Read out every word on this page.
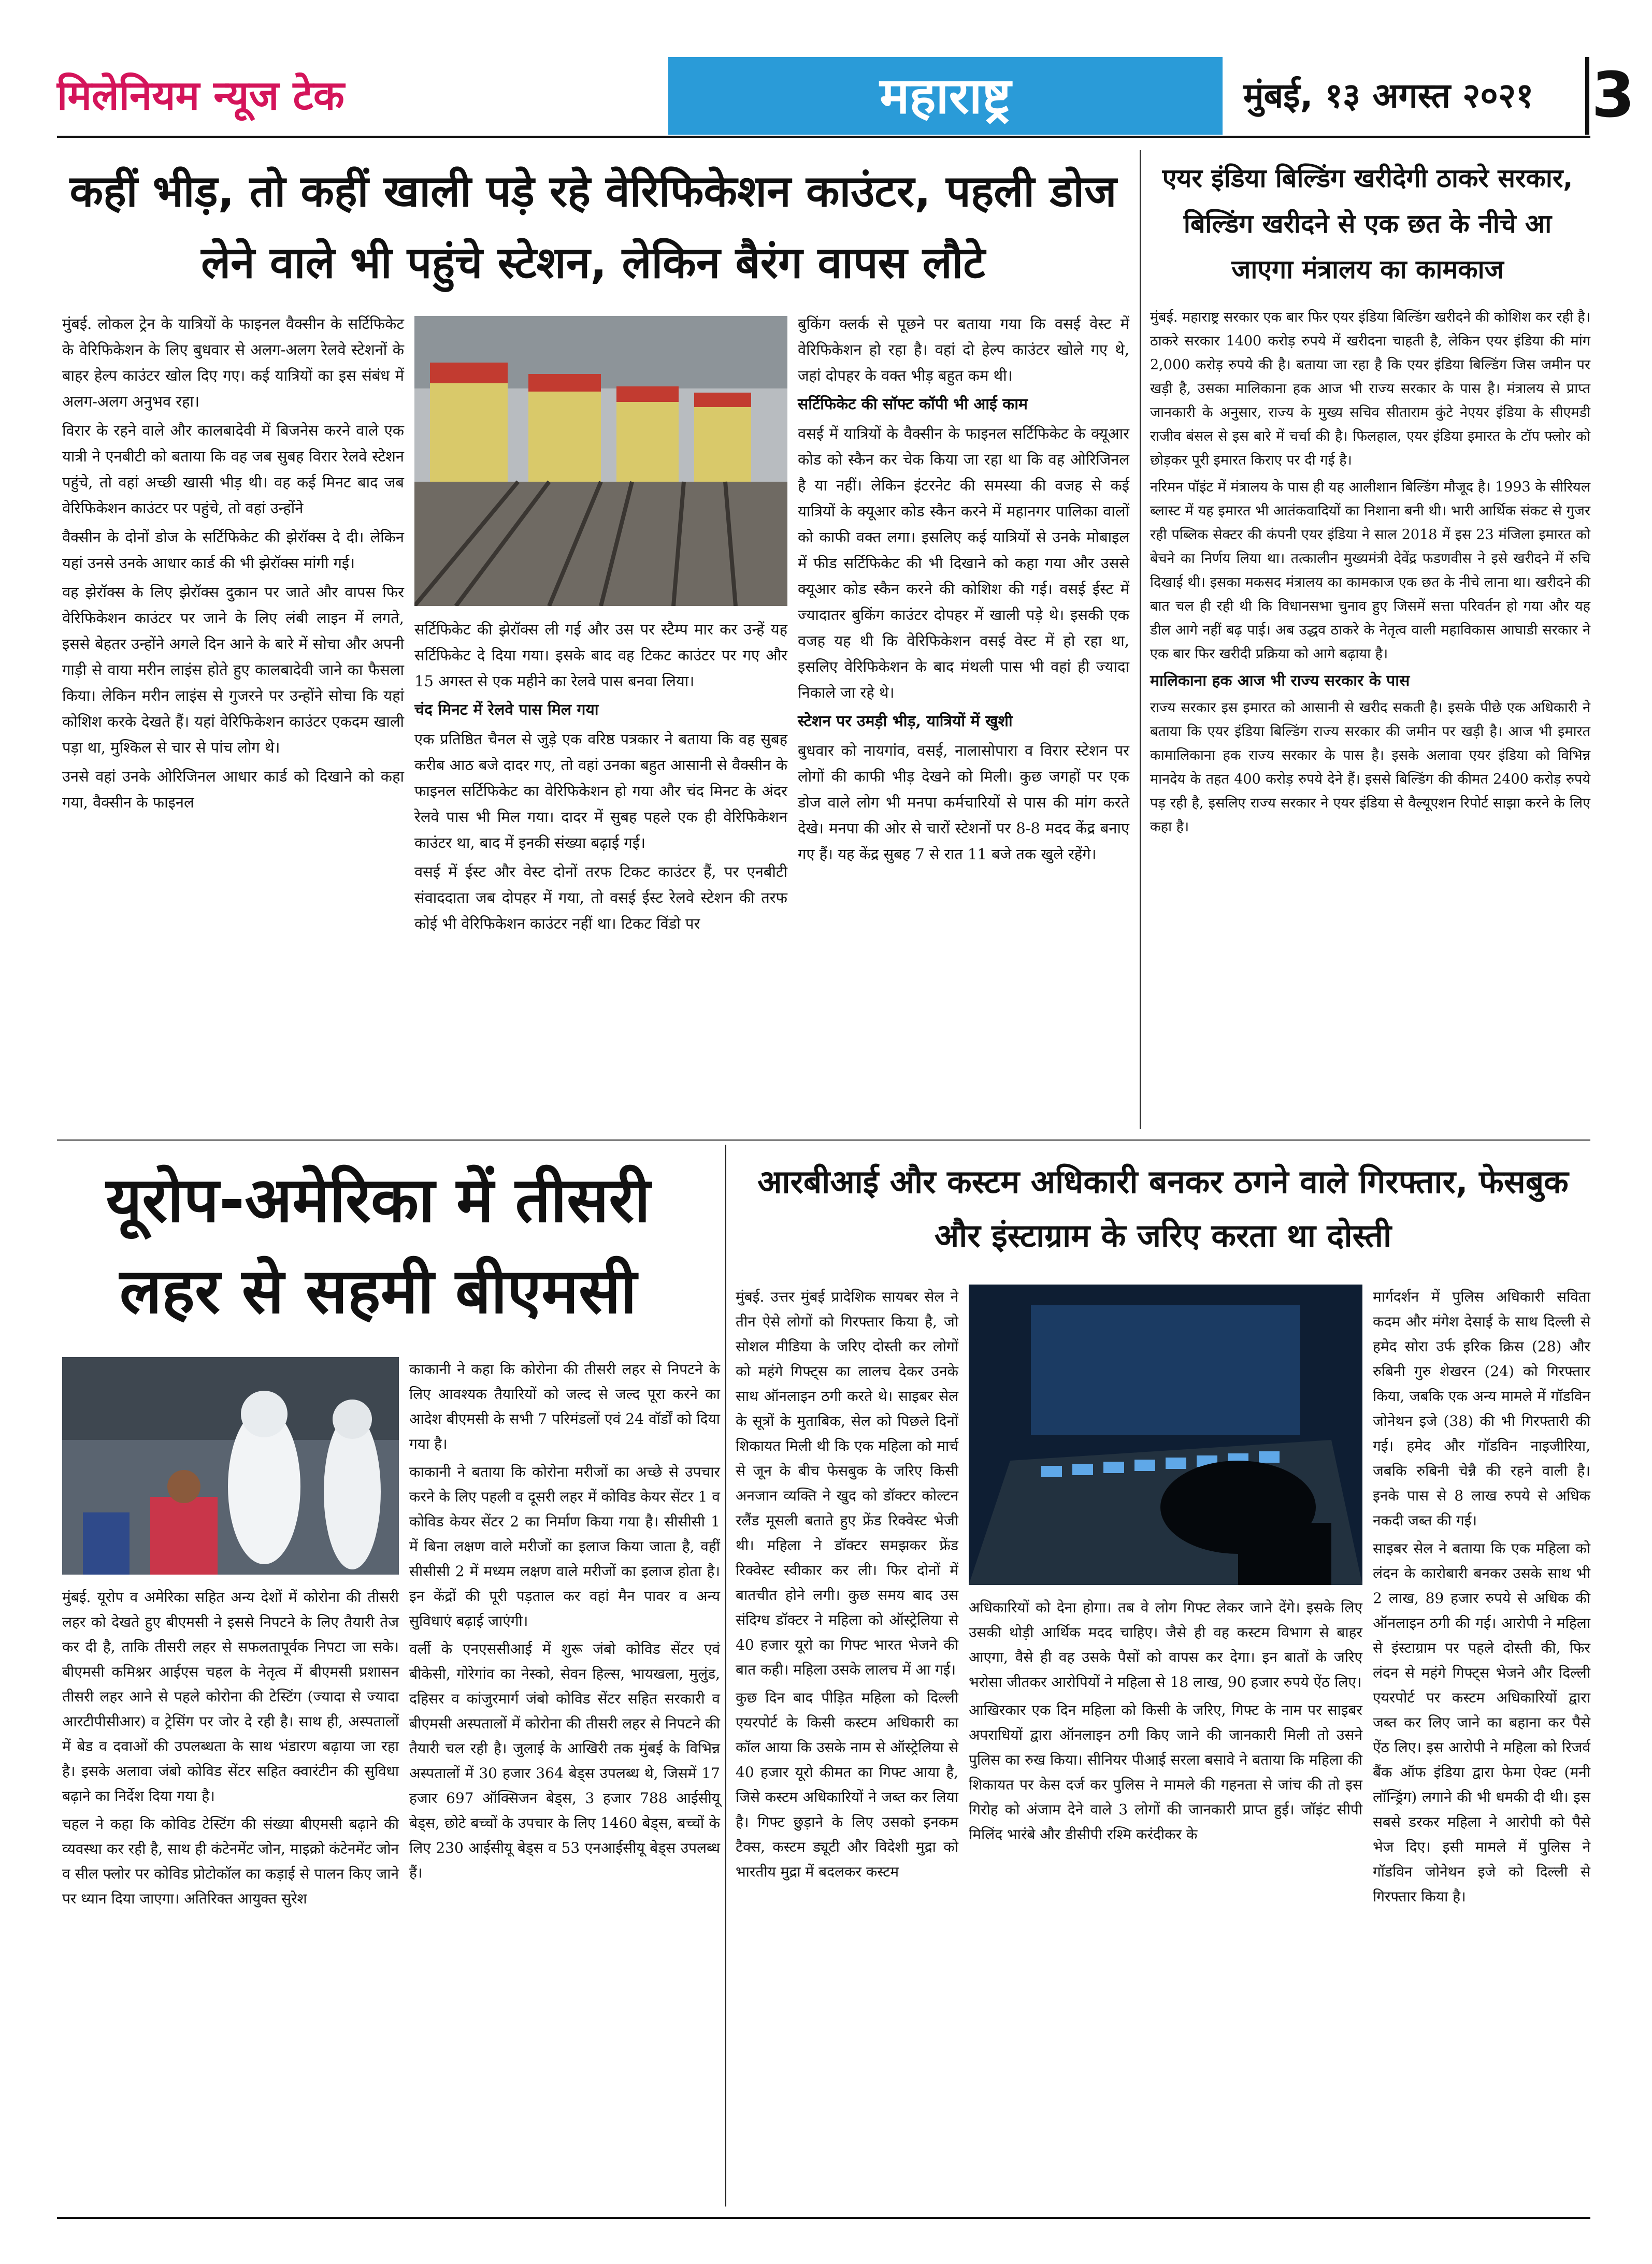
मिलेनियम न्यूज टेक	महाराष्ट्र	मुंबई, १३ अगस्त २०२१ 3
कहीं भीड़, तो कहीं खाली पड़े रहे वेरिफिकेशन काउंटर, पहली डोज लेने वाले भी पहुंचे स्टेशन, लेकिन बैरंग वापस लौटे

मुंबई. लोकल ट्रेन के यात्रियों के फाइनल वैक्सीन के सर्टिफिकेट के वेरिफिकेशन के लिए बुधवार से अलग-अलग रेलवे स्टेशनों के बाहर हेल्प काउंटर खोल दिए गए। कई यात्रियों का इस संबंध में अलग-अलग अनुभव रहा।

विरार के रहने वाले और कालबादेवी में बिजनेस करने वाले एक यात्री ने एनबीटी को बताया कि वह जब सुबह विरार रेलवे स्टेशन पहुंचे, तो वहां अच्छी खासी भीड़ थी। वह कई मिनट बाद जब वेरिफिकेशन काउंटर पर पहुंचे, तो वहां उन्होंने

वैक्सीन के दोनों डोज के सर्टिफिकेट की झेरॉक्स दे दी। लेकिन यहां उनसे उनके आधार कार्ड की भी झेरॉक्स मांगी गई।

वह झेरॉक्स के लिए झेरॉक्स दुकान पर जाते और वापस फिर वेरिफिकेशन काउंटर पर जाने के लिए लंबी लाइन में लगते, इससे बेहतर उन्होंने अगले दिन आने के बारे में सोचा और अपनी गाड़ी से वाया मरीन लाइंस होते हुए कालबादेवी जाने का फैसला किया। लेकिन मरीन लाइंस से गुजरने पर उन्होंने सोचा कि यहां कोशिश करके देखते हैं। यहां वेरिफिकेशन काउंटर एकदम खाली पड़ा था, मुश्किल से चार से पांच लोग थे।

उनसे वहां उनके ओरिजिनल आधार कार्ड को दिखाने को कहा गया, वैक्सीन के फाइनल

सर्टिफिकेट की झेरॉक्स ली गई और उस पर स्टैम्प मार कर उन्हें यह सर्टिफिकेट दे दिया गया। इसके बाद वह टिकट काउंटर पर गए और 15 अगस्त से एक महीने का रेलवे पास बनवा लिया।

चंद मिनट में रेलवे पास मिल गया

एक प्रतिष्ठित चैनल से जुड़े एक वरिष्ठ पत्रकार ने बताया कि वह सुबह करीब आठ बजे दादर गए, तो वहां उनका बहुत आसानी से वैक्सीन के फाइनल सर्टिफिकेट का वेरिफिकेशन हो गया और चंद मिनट के अंदर रेलवे पास भी मिल गया। दादर में सुबह पहले एक ही वेरिफिकेशन काउंटर था, बाद में इनकी संख्या बढ़ाई गई।

वसई में ईस्ट और वेस्ट दोनों तरफ टिकट काउंटर हैं, पर एनबीटी संवाददाता जब दोपहर में गया, तो वसई ईस्ट रेलवे स्टेशन की तरफ कोई भी वेरिफिकेशन काउंटर नहीं था। टिकट विंडो पर

बुकिंग क्लर्क से पूछने पर बताया गया कि वसई वेस्ट में वेरिफिकेशन हो रहा है। वहां दो हेल्प काउंटर खोले गए थे, जहां दोपहर के वक्त भीड़ बहुत कम थी।

सर्टिफिकेट की सॉफ्ट कॉपी भी आई काम

वसई में यात्रियों के वैक्सीन के फाइनल सर्टिफिकेट के क्यूआर कोड को स्कैन कर चेक किया जा रहा था कि वह ओरिजिनल है या नहीं। लेकिन इंटरनेट की समस्या की वजह से कई यात्रियों के क्यूआर कोड स्कैन करने में महानगर पालिका वालों को काफी वक्त लगा। इसलिए कई यात्रियों से उनके मोबाइल में फीड सर्टिफिकेट की भी दिखाने को कहा गया और उससे क्यूआर कोड स्कैन करने की कोशिश की गई। वसई ईस्ट में ज्यादातर बुकिंग काउंटर दोपहर में खाली पड़े थे। इसकी एक वजह यह थी कि वेरिफिकेशन वसई वेस्ट में हो रहा था, इसलिए वेरिफिकेशन के बाद मंथली पास भी वहां ही ज्यादा निकाले जा रहे थे।

स्टेशन पर उमड़ी भीड़, यात्रियों में खुशी

बुधवार को नायगांव, वसई, नालासोपारा व विरार स्टेशन पर लोगों की काफी भीड़ देखने को मिली। कुछ जगहों पर एक डोज वाले लोग भी मनपा कर्मचारियों से पास की मांग करते देखे। मनपा की ओर से चारों स्टेशनों पर 8-8 मदद केंद्र बनाए गए हैं। यह केंद्र सुबह 7 से रात 11 बजे तक खुले रहेंगे।

एयर इंडिया बिल्डिंग खरीदेगी ठाकरे सरकार, बिल्डिंग खरीदने से एक छत के नीचे आ जाएगा मंत्रालय का कामकाज

मुंबई. महाराष्ट्र सरकार एक बार फिर एयर इंडिया बिल्डिंग खरीदने की कोशिश कर रही है। ठाकरे सरकार 1400 करोड़ रुपये में खरीदना चाहती है, लेकिन एयर इंडिया की मांग 2,000 करोड़ रुपये की है। बताया जा रहा है कि एयर इंडिया बिल्डिंग जिस जमीन पर खड़ी है, उसका मालिकाना हक आज भी राज्य सरकार के पास है। मंत्रालय से प्राप्त जानकारी के अनुसार, राज्य के मुख्य सचिव सीताराम कुंटे नेएयर इंडिया के सीएमडी राजीव बंसल से इस बारे में चर्चा की है। फिलहाल, एयर इंडिया इमारत के टॉप फ्लोर को छोड़कर पूरी इमारत किराए पर दी गई है।

नरिमन पॉइंट में मंत्रालय के पास ही यह आलीशान बिल्डिंग मौजूद है। 1993 के सीरियल ब्लास्ट में यह इमारत भी आतंकवादियों का निशाना बनी थी। भारी आर्थिक संकट से गुजर रही पब्लिक सेक्टर की कंपनी एयर इंडिया ने साल 2018 में इस 23 मंजिला इमारत को बेचने का निर्णय लिया था। तत्कालीन मुख्यमंत्री देवेंद्र फडणवीस ने इसे खरीदने में रुचि दिखाई थी। इसका मकसद मंत्रालय का कामकाज एक छत के नीचे लाना था। खरीदने की बात चल ही रही थी कि विधानसभा चुनाव हुए जिसमें सत्ता परिवर्तन हो गया और यह डील आगे नहीं बढ़ पाई। अब उद्धव ठाकरे के नेतृत्व वाली महाविकास आघाडी सरकार ने एक बार फिर खरीदी प्रक्रिया को आगे बढ़ाया है।

मालिकाना हक आज भी राज्य सरकार के पास

राज्य सरकार इस इमारत को आसानी से खरीद सकती है। इसके पीछे एक अधिकारी ने बताया कि एयर इंडिया बिल्डिंग राज्य सरकार की जमीन पर खड़ी है। आज भी इमारत कामालिकाना हक राज्य सरकार के पास है। इसके अलावा एयर इंडिया को विभिन्न मानदेय के तहत 400 करोड़ रुपये देने हैं। इससे बिल्डिंग की कीमत 2400 करोड़ रुपये पड़ रही है, इसलिए राज्य सरकार ने एयर इंडिया से वैल्यूएशन रिपोर्ट साझा करने के लिए कहा है।

यूरोप-अमेरिका में तीसरी लहर से सहमी बीएमसी

मुंबई. यूरोप व अमेरिका सहित अन्य देशों में कोरोना की तीसरी लहर को देखते हुए बीएमसी ने इससे निपटने के लिए तैयारी तेज कर दी है, ताकि तीसरी लहर से सफलतापूर्वक निपटा जा सके। बीएमसी कमिश्नर आईएस चहल के नेतृत्व में बीएमसी प्रशासन तीसरी लहर आने से पहले कोरोना की टेस्टिंग (ज्यादा से ज्यादा आरटीपीसीआर) व ट्रेसिंग पर जोर दे रही है। साथ ही, अस्पतालों में बेड व दवाओं की उपलब्धता के साथ भंडारण बढ़ाया जा रहा है। इसके अलावा जंबो कोविड सेंटर सहित क्वारंटीन की सुविधा बढ़ाने का निर्देश दिया गया है।

चहल ने कहा कि कोविड टेस्टिंग की संख्या बीएमसी बढ़ाने की व्यवस्था कर रही है, साथ ही कंटेनमेंट जोन, माइक्रो कंटेनमेंट जोन व सील फ्लोर पर कोविड प्रोटोकॉल का कड़ाई से पालन किए जाने पर ध्यान दिया जाएगा। अतिरिक्त आयुक्त सुरेश

काकानी ने कहा कि कोरोना की तीसरी लहर से निपटने के लिए आवश्यक तैयारियों को जल्द से जल्द पूरा करने का आदेश बीएमसी के सभी 7 परिमंडलों एवं 24 वॉर्डों को दिया गया है।

काकानी ने बताया कि कोरोना मरीजों का अच्छे से उपचार करने के लिए पहली व दूसरी लहर में कोविड केयर सेंटर 1 व कोविड केयर सेंटर 2 का निर्माण किया गया है। सीसीसी 1 में बिना लक्षण वाले मरीजों का इलाज किया जाता है, वहीं सीसीसी 2 में मध्यम लक्षण वाले मरीजों का इलाज होता है। इन केंद्रों की पूरी पड़ताल कर वहां मैन पावर व अन्य सुविधाएं बढ़ाई जाएंगी।

वर्ली के एनएससीआई में शुरू जंबो कोविड सेंटर एवं बीकेसी, गोरेगांव का नेस्को, सेवन हिल्स, भायखला, मुलुंड, दहिसर व कांजुरमार्ग जंबो कोविड सेंटर सहित सरकारी व बीएमसी अस्पतालों में कोरोना की तीसरी लहर से निपटने की तैयारी चल रही है। जुलाई के आखिरी तक मुंबई के विभिन्न अस्पतालों में 30 हजार 364 बेड्स उपलब्ध थे, जिसमें 17 हजार 697 ऑक्सिजन बेड्स, 3 हजार 788 आईसीयू बेड्स, छोटे बच्चों के उपचार के लिए 1460 बेड्स, बच्चों के लिए 230 आईसीयू बेड्स व 53 एनआईसीयू बेड्स उपलब्ध हैं।

आरबीआई और कस्टम अधिकारी बनकर ठगने वाले गिरफ्तार, फेसबुक और इंस्टाग्राम के जरिए करता था दोस्ती

मुंबई. उत्तर मुंबई प्रादेशिक सायबर सेल ने तीन ऐसे लोगों को गिरफ्तार किया है, जो सोशल मीडिया के जरिए दोस्ती कर लोगों को महंगे गिफ्ट्स का लालच देकर उनके साथ ऑनलाइन ठगी करते थे। साइबर सेल के सूत्रों के मुताबिक, सेल को पिछले दिनों शिकायत मिली थी कि एक महिला को मार्च से जून के बीच फेसबुक के जरिए किसी अनजान व्यक्ति ने खुद को डॉक्टर कोल्टन रलैंड मूसली बताते हुए फ्रेंड रिक्वेस्ट भेजी थी। महिला ने डॉक्टर समझकर फ्रेंड रिक्वेस्ट स्वीकार कर ली। फिर दोनों में बातचीत होने लगी। कुछ समय बाद उस संदिग्ध डॉक्टर ने महिला को ऑस्ट्रेलिया से 40 हजार यूरो का गिफ्ट भारत भेजने की बात कही। महिला उसके लालच में आ गई।

कुछ दिन बाद पीड़ित महिला को दिल्ली एयरपोर्ट के किसी कस्टम अधिकारी का कॉल आया कि उसके नाम से ऑस्ट्रेलिया से 40 हजार यूरो कीमत का गिफ्ट आया है, जिसे कस्टम अधिकारियों ने जब्त कर लिया है। गिफ्ट छुड़ाने के लिए उसको इनकम टैक्स, कस्टम ड्यूटी और विदेशी मुद्रा को भारतीय मुद्रा में बदलकर कस्टम

अधिकारियों को देना होगा। तब वे लोग गिफ्ट लेकर जाने देंगे। इसके लिए उसकी थोड़ी आर्थिक मदद चाहिए। जैसे ही वह कस्टम विभाग से बाहर आएगा, वैसे ही वह उसके पैसों को वापस कर देगा। इन बातों के जरिए भरोसा जीतकर आरोपियों ने महिला से 18 लाख, 90 हजार रुपये ऐंठ लिए।

आखिरकार एक दिन महिला को किसी के जरिए, गिफ्ट के नाम पर साइबर अपराधियों द्वारा ऑनलाइन ठगी किए जाने की जानकारी मिली तो उसने पुलिस का रुख किया। सीनियर पीआई सरला बसावे ने बताया कि महिला की शिकायत पर केस दर्ज कर पुलिस ने मामले की गहनता से जांच की तो इस गिरोह को अंजाम देने वाले 3 लोगों की जानकारी प्राप्त हुई। जॉइंट सीपी मिलिंद भारंबे और डीसीपी रश्मि करंदीकर के

मार्गदर्शन में पुलिस अधिकारी सविता कदम और मंगेश देसाई के साथ दिल्ली से हमेद सोरा उर्फ इरिक क्रिस (28) और रुबिनी गुरु शेखरन (24) को गिरफ्तार किया, जबकि एक अन्य मामले में गॉडविन जोनेथन इजे (38) की भी गिरफ्तारी की गई। हमेद और गॉडविन नाइजीरिया, जबकि रुबिनी चेन्नै की रहने वाली है। इनके पास से 8 लाख रुपये से अधिक नकदी जब्त की गई।

साइबर सेल ने बताया कि एक महिला को लंदन के कारोबारी बनकर उसके साथ भी 2 लाख, 89 हजार रुपये से अधिक की ऑनलाइन ठगी की गई। आरोपी ने महिला से इंस्टाग्राम पर पहले दोस्ती की, फिर लंदन से महंगे गिफ्ट्स भेजने और दिल्ली एयरपोर्ट पर कस्टम अधिकारियों द्वारा जब्त कर लिए जाने का बहाना कर पैसे ऐंठ लिए। इस आरोपी ने महिला को रिजर्व बैंक ऑफ इंडिया द्वारा फेमा ऐक्ट (मनी लॉन्ड्रिंग) लगाने की भी धमकी दी थी। इस सबसे डरकर महिला ने आरोपी को पैसे भेज दिए। इसी मामले में पुलिस ने गॉडविन जोनेथन इजे को दिल्ली से गिरफ्तार किया है।
